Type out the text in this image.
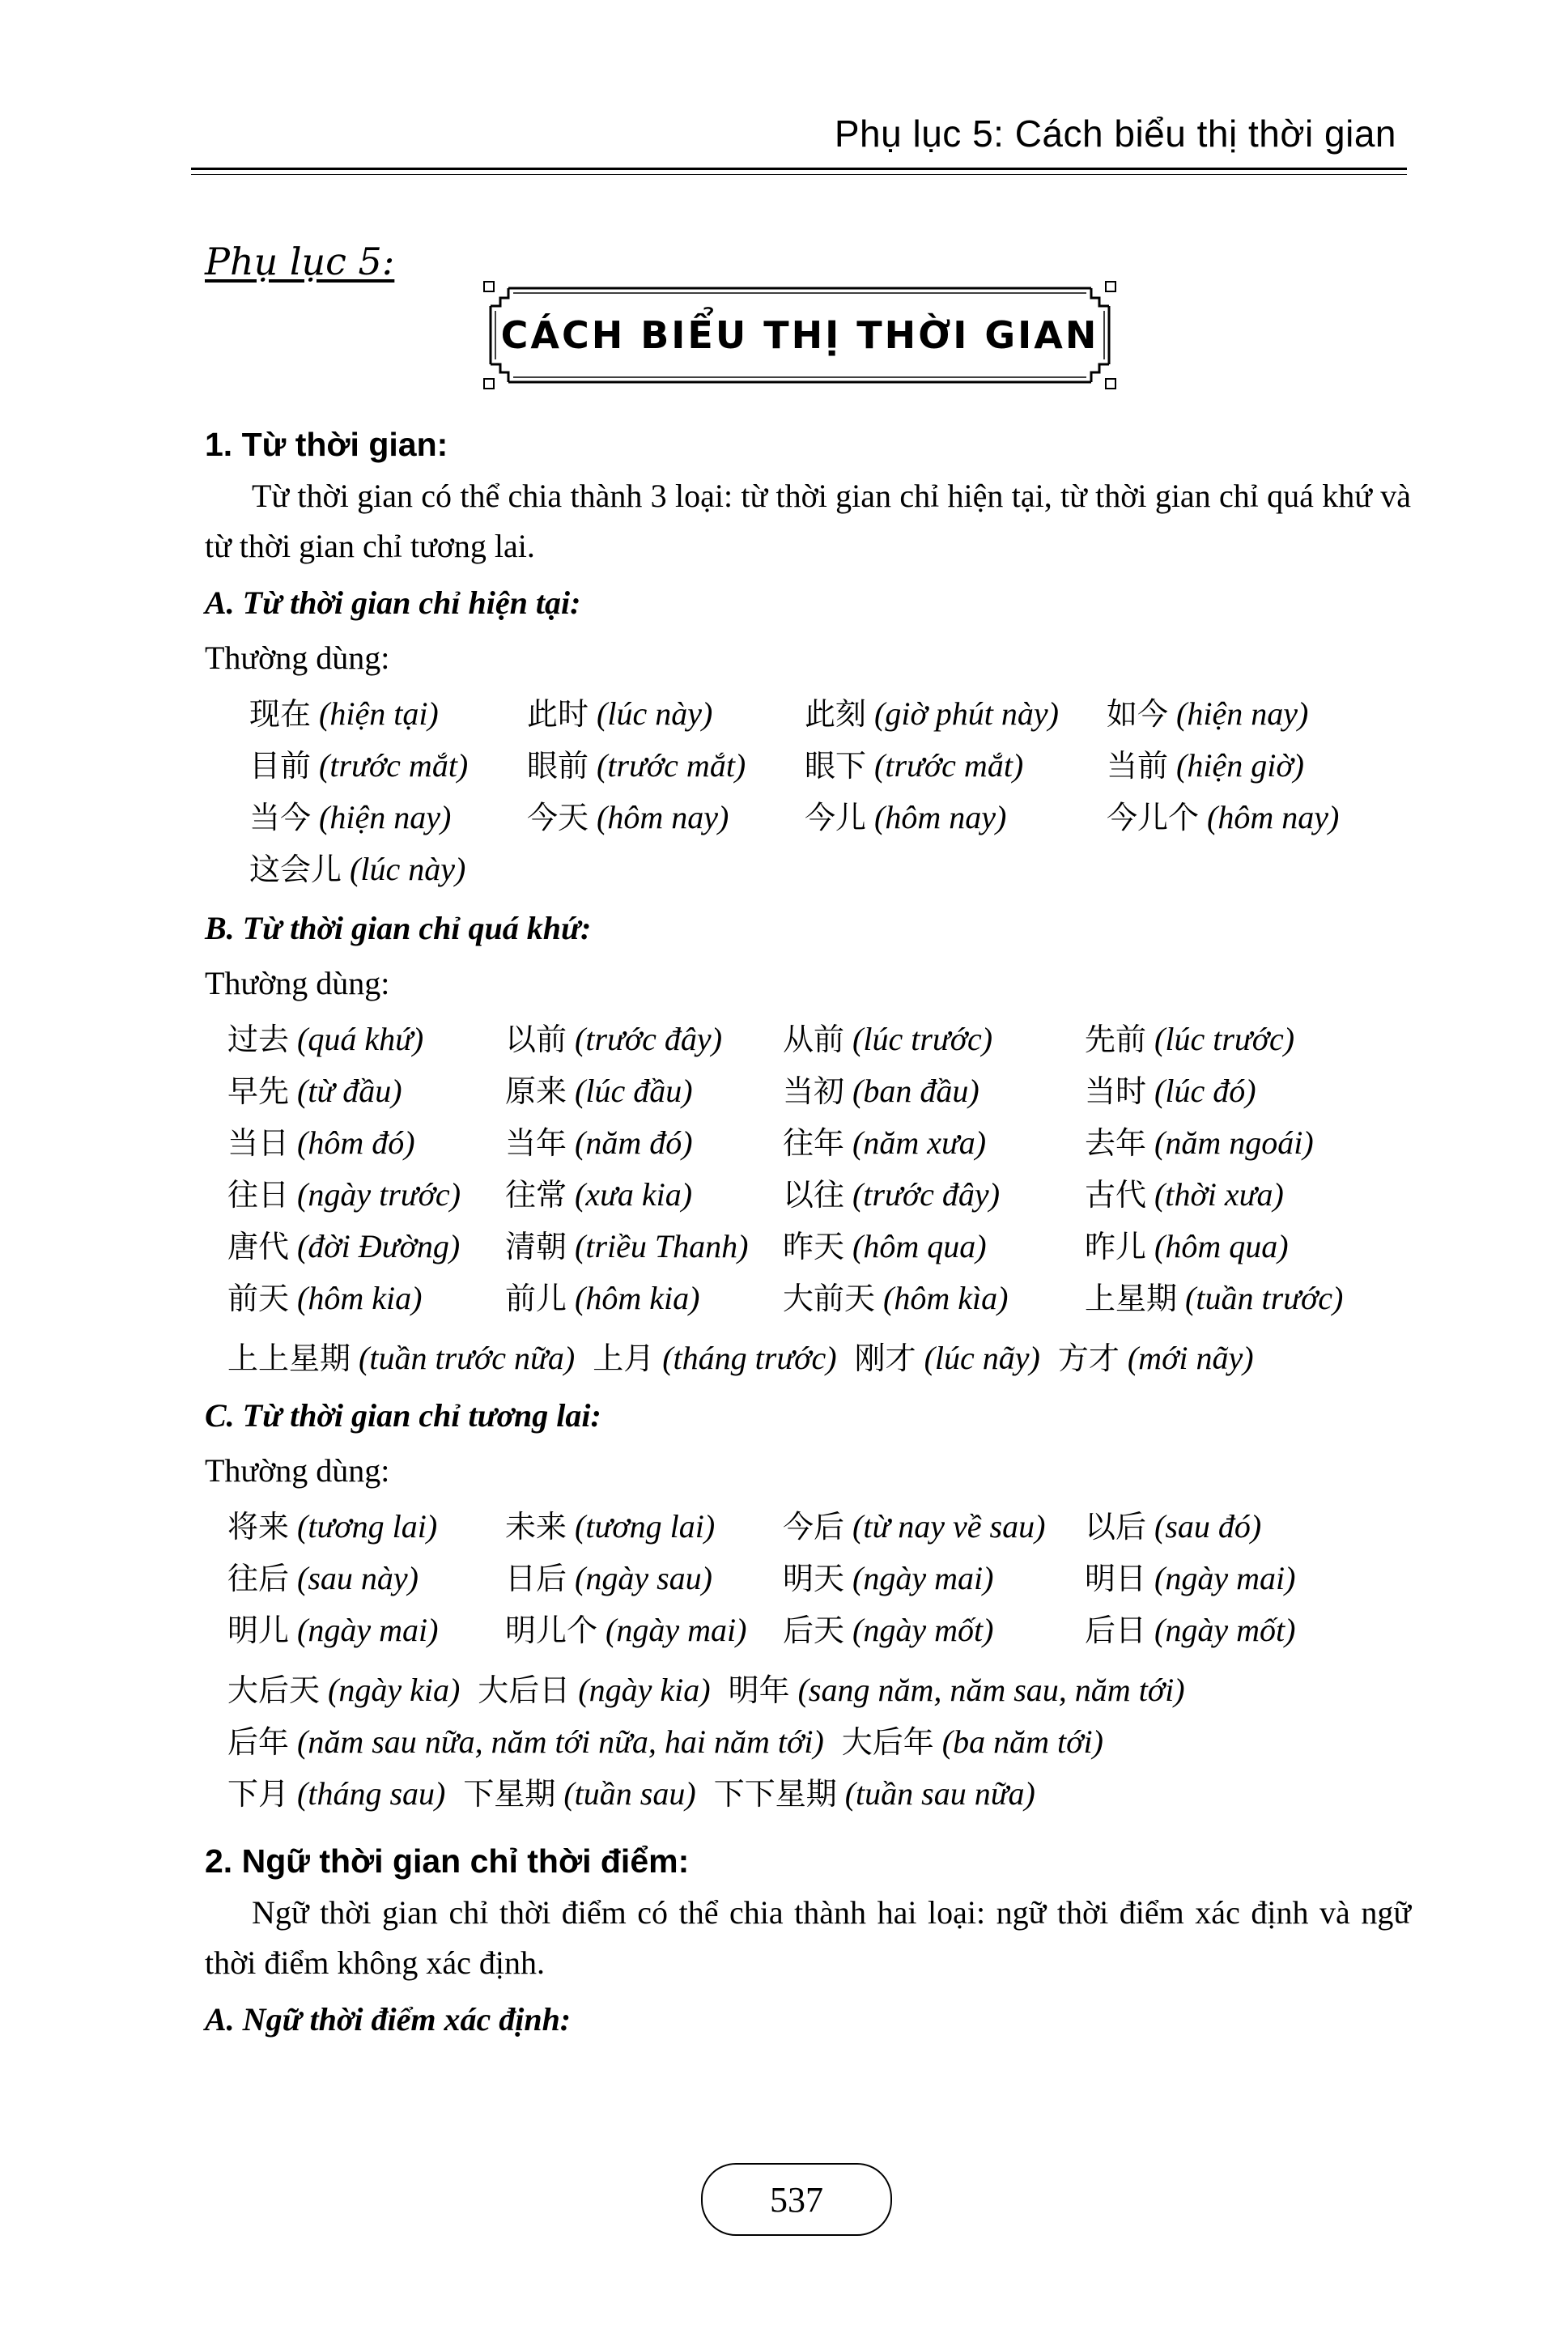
Phụ lục 5: Cách biểu thị thời gian
Phụ lục 5:
CÁCH BIỂU THỊ THỜI GIAN
1. Từ thời gian:

Từ thời gian có thể chia thành 3 loại: từ thời gian chỉ hiện tại, từ thời gian chỉ quá khứ và từ thời gian chỉ tương lai.

A. Từ thời gian chỉ hiện tại:
Thường dùng:
现在 (hiện tại)	此时 (lúc này)	此刻 (giờ phút này)	如今 (hiện nay)
目前 (trước mắt)	眼前 (trước mắt)	眼下 (trước mắt)	当前 (hiện giờ)
当今 (hiện nay)	今天 (hôm nay)	今儿 (hôm nay)	今儿个 (hôm nay)
这会儿 (lúc này)
B. Từ thời gian chỉ quá khứ:
Thường dùng:
过去 (quá khứ)	以前 (trước đây)	从前 (lúc trước)	先前 (lúc trước)
早先 (từ đầu)	原来 (lúc đầu)	当初 (ban đầu)	当时 (lúc đó)
当日 (hôm đó)	当年 (năm đó)	往年 (năm xưa)	去年 (năm ngoái)
往日 (ngày trước)	往常 (xưa kia)	以往 (trước đây)	古代 (thời xưa)
唐代 (đời Đường)	清朝 (triều Thanh)	昨天 (hôm qua)	昨儿 (hôm qua)
前天 (hôm kia)	前儿 (hôm kia)	大前天 (hôm kìa)	上星期 (tuần trước)
上上星期 (tuần trước nữa) 上月 (tháng trước) 刚才 (lúc nãy) 方才 (mới nãy)
C. Từ thời gian chỉ tương lai:
Thường dùng:
将来 (tương lai)	未来 (tương lai)	今后 (từ nay về sau)	以后 (sau đó)
往后 (sau này)	日后 (ngày sau)	明天 (ngày mai)	明日 (ngày mai)
明儿 (ngày mai)	明儿个 (ngày mai)	后天 (ngày mốt)	后日 (ngày mốt)
大后天 (ngày kia) 大后日 (ngày kia) 明年 (sang năm, năm sau, năm tới)
后年 (năm sau nữa, năm tới nữa, hai năm tới) 大后年 (ba năm tới)
下月 (tháng sau) 下星期 (tuần sau) 下下星期 (tuần sau nữa)
2. Ngữ thời gian chỉ thời điểm:

Ngữ thời gian chỉ thời điểm có thể chia thành hai loại: ngữ thời điểm xác định và ngữ thời điểm không xác định.

A. Ngữ thời điểm xác định:
537
